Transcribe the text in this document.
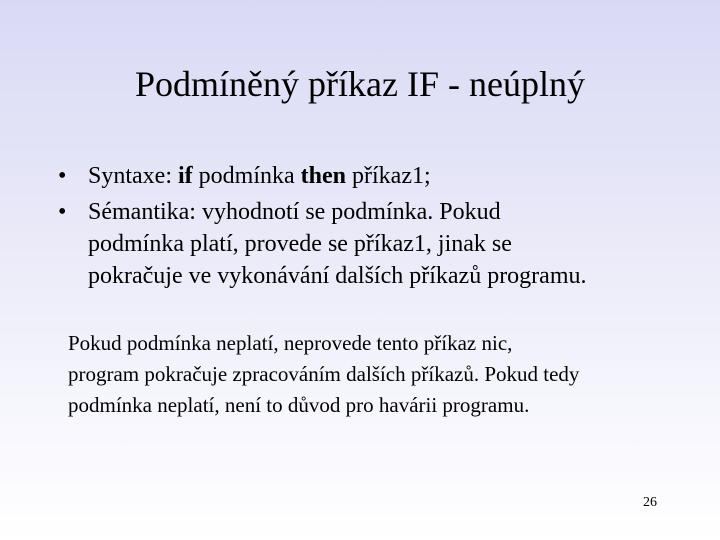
Podmíněný příkaz IF - neúplný
• Syntaxe: if podmínka then příkaz1;
• Sémantika: vyhodnotí se podmínka. Pokud
podmínka platí, provede se příkaz1, jinak se
pokračuje ve vykonávání dalších příkazů programu.
Pokud podmínka neplatí, neprovede tento příkaz nic,
program pokračuje zpracováním dalších příkazů. Pokud tedy
podmínka neplatí, není to důvod pro havárii programu.
26
